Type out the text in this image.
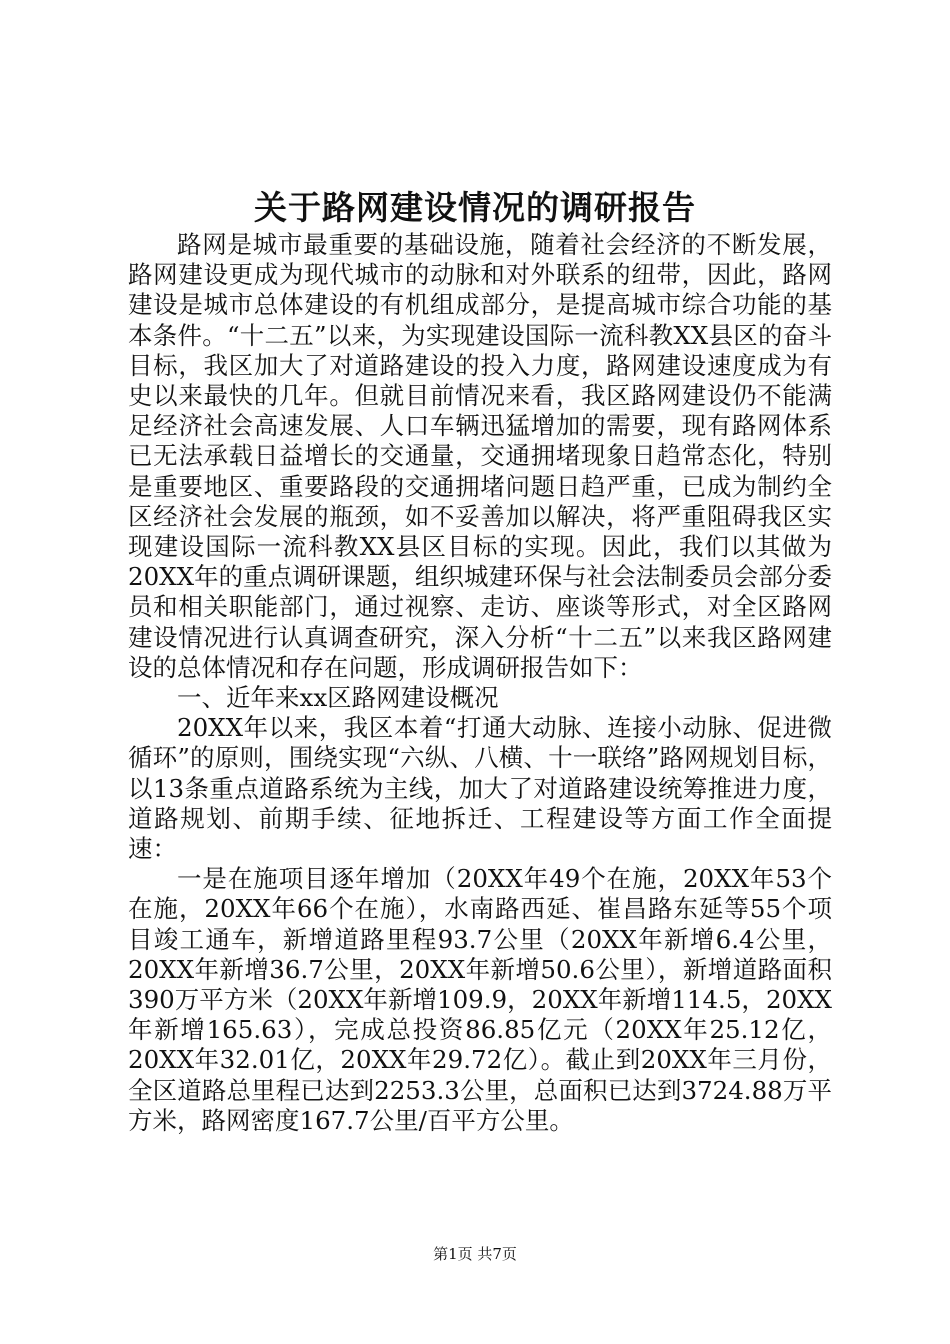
关于路网建设情况的调研报告

路网是城市最重要的基础设施，随着社会经济的不断发展，路网建设更成为现代城市的动脉和对外联系的纽带，因此，路网建设是城市总体建设的有机组成部分，是提高城市综合功能的基本条件。“十二五”以来，为实现建设国际一流科教XX县区的奋斗目标，我区加大了对道路建设的投入力度，路网建设速度成为有史以来最快的几年。但就目前情况来看，我区路网建设仍不能满足经济社会高速发展、人口车辆迅猛增加的需要，现有路网体系已无法承载日益增长的交通量，交通拥堵现象日趋常态化，特别是重要地区、重要路段的交通拥堵问题日趋严重，已成为制约全区经济社会发展的瓶颈，如不妥善加以解决，将严重阻碍我区实现建设国际一流科教XX县区目标的实现。因此，我们以其做为20XX年的重点调研课题，组织城建环保与社会法制委员会部分委员和相关职能部门，通过视察、走访、座谈等形式，对全区路网建设情况进行认真调查研究，深入分析“十二五”以来我区路网建设的总体情况和存在问题，形成调研报告如下：

一、近年来xx区路网建设概况

20XX年以来，我区本着“打通大动脉、连接小动脉、促进微循环”的原则，围绕实现“六纵、八横、十一联络”路网规划目标，以13条重点道路系统为主线，加大了对道路建设统筹推进力度，道路规划、前期手续、征地拆迁、工程建设等方面工作全面提速：

一是在施项目逐年增加（20XX年49个在施，20XX年53个在施，20XX年66个在施），水南路西延、崔昌路东延等55个项目竣工通车，新增道路里程93.7公里（20XX年新增6.4公里，20XX年新增36.7公里，20XX年新增50.6公里），新增道路面积390万平方米（20XX年新增109.9，20XX年新增114.5，20XX年新增165.63），完成总投资86.85亿元（20XX年25.12亿，20XX年32.01亿，20XX年29.72亿）。截止到20XX年三月份，全区道路总里程已达到2253.3公里，总面积已达到3724.88万平方米，路网密度167.7公里/百平方公里。

第1页 共7页
